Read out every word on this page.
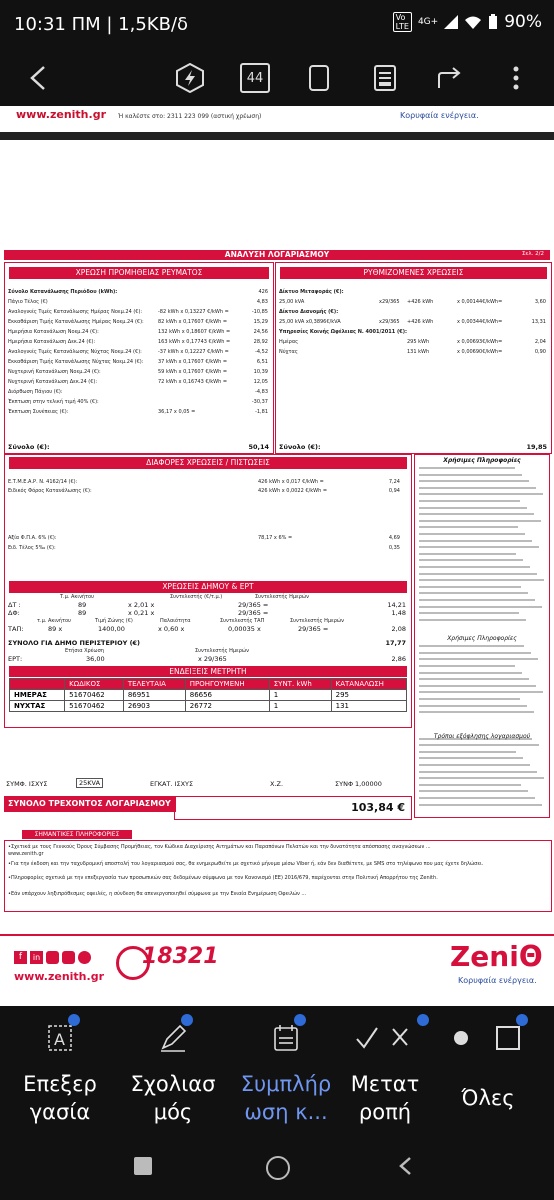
10:31 ΠΜ | 1,5KB/δ	Vo
LTE	4G+	90%
44
www.zenith.gr Ή καλέστε στο: 2311 223 099 (αστική χρέωση)	Κορυφαία ενέργεια.
ΑΝΑΛΥΣΗ ΛΟΓΑΡΙΑΣΜΟΥ	Σελ. 2/2
ΧΡΕΩΣΗ ΠΡΟΜΗΘΕΙΑΣ ΡΕΥΜΑΤΟΣ
Σύνολο Κατανάλωσης Περιόδου (kWh):	426
Πάγιο Τέλος (€)	4,83
Αναλογικές Τιμές Κατανάλωσης Ημέρας Νοεμ.24 (€):	-82 kWh x 0,13227 €/kWh =	-10,85
Εκκαθάριση Τιμής Κατανάλωσης Ημέρας Νοεμ.24 (€):	82 kWh x 0,17607 €/kWh =	15,29
Ημερήσια Κατανάλωση Νοεμ.24 (€):	132 kWh x 0,18607 €/kWh =	24,56
Ημερήσια Κατανάλωση Δεκ.24 (€):	163 kWh x 0,17743 €/kWh =	28,92
Αναλογικές Τιμές Κατανάλωσης Νύχτας Νοεμ.24 (€):	-37 kWh x 0,12227 €/kWh =	-4,52
Εκκαθάριση Τιμής Κατανάλωσης Νύχτας Νοεμ.24 (€):	37 kWh x 0,17607 €/kWh =	6,51
Νυχτερινή Κατανάλωση Νοεμ.24 (€):	59 kWh x 0,17607 €/kWh =	10,39
Νυχτερινή Κατανάλωση Δεκ.24 (€):	72 kWh x 0,16743 €/kWh =	12,05
Διόρθωση Πάγιου (€):	-4,83
Έκπτωση στην τελική τιμή 40% (€):	-30,37
Έκπτωση Συνέπειας (€):	36,17 x 0,05 =	-1,81
Σύνολο (€):	50,14
ΡΥΘΜΙΖΟΜΕΝΕΣ ΧΡΕΩΣΕΙΣ
Δίκτυο Μεταφοράς (€):
25,00 kVA	x29/365 +426 kWh	x 0,00144€/kWh=	3,60
Δίκτυο Διανομής (€):
25,00 kVA x0,3896€/kVA	x29/365 +426 kWh	x 0,00344€/kWh=	13,31
Υπηρεσίες Κοινής Ωφέλειας Ν. 4001/2011 (€):
Ημέρας	295 kWh	x 0,00693€/kWh=	2,04
Νύχτας	131 kWh	x 0,00690€/kWh=	0,90
Σύνολο (€):	19,85
ΔΙΑΦΟΡΕΣ ΧΡΕΩΣΕΙΣ / ΠΙΣΤΩΣΕΙΣ
Ε.Τ.Μ.Ε.Α.Ρ. Ν. 4162/14 (€):	426 kWh x 0,017 €/kWh =	7,24
Ειδικός Φόρος Κατανάλωσης (€):	426 kWh x 0,0022 €/kWh =	0,94
Αξία Φ.Π.Α. 6% (€):	78,17 x 6% =	4,69
Ειδ. Τέλος 5‰ (€):	0,35
ΧΡΕΩΣΕΙΣ ΔΗΜΟΥ & ΕΡΤ
Τ.μ. Ακινήτου	Συντελεστής (€/τ.μ.)	Συντελεστής Ημερών
ΔΤ :	89	x 2,01 x	29/365 =	14,21
ΔΦ:	89	x 0,21 x	29/365 =	1,48
τ.μ. Ακινήτου	Τιμή Ζώνης (€)	Παλαιότητα	Συντελεστής ΤΑΠ	Συντελεστής Ημερών
ΤΑΠ:	89 x	1400,00	x 0,60 x	0,00035 x	29/365 =	2,08
ΣΥΝΟΛΟ ΓΙΑ ΔΗΜΟ ΠΕΡΙΣΤΕΡΙΟΥ (€)	17,77
Ετήσια Χρέωση	Συντελεστής Ημερών
ΕΡΤ:	36,00	x 29/365	2,86
ΕΝΔΕΙΞΕΙΣ ΜΕΤΡΗΤΗ
	ΚΩΔΙΚΟΣ	ΤΕΛΕΥΤΑΙΑ	ΠΡΟΗΓΟΥΜΕΝΗ	ΣΥΝΤ. kWh	ΚΑΤΑΝΑΛΩΣΗ
ΗΜΕΡΑΣ	51670462	86951	86656	1	295
ΝΥΧΤΑΣ	51670462	26903	26772	1	131
ΣΥΜΦ. ΙΣΧΥΣ	25KVA	ΕΓΚΑΤ. ΙΣΧΥΣ	Χ.Ζ.	ΣΥΝΦ 1,00000
ΣΥΝΟΛΟ ΤΡΕΧΟΝΤΟΣ ΛΟΓΑΡΙΑΣΜΟΥ	103,84 €
Χρήσιμες Πληροφορίες
Τρόποι εξόφλησης λογαριασμού
Χρήσιμες Πληροφορίες
ΣΗΜΑΝΤΙΚΕΣ ΠΛΗΡΟΦΟΡΙΕΣ
•Σχετικά με τους Γενικούς Όρους Σύμβασης Προμήθειας, τον Κώδικα Διαχείρισης Αιτημάτων και Παραπόνων Πελατών και την δυνατότητα απόσπασης αναγνώσεων ...
www.zenith.gr
•Για την έκδοση και την ταχυδρομική αποστολή του λογαριασμού σας, θα ενημερωθείτε με σχετικό μήνυμα μέσω Viber ή, εάν δεν διαθέτετε, με SMS στο τηλέφωνο που μας έχετε δηλώσει.
•Πληροφορίες σχετικά με την επεξεργασία των προσωπικών σας δεδομένων σύμφωνα με τον Κανονισμό (ΕΕ) 2016/679, παρέχονται στην Πολιτική Απορρήτου της Zenith.
•Εάν υπάρχουν ληξιπρόθεσμες οφειλές, η σύνδεση θα απενεργοποιηθεί σύμφωνα με την Ενιαία Ενημέρωση Οφειλών ...
f	in
www.zenith.gr
18321	ZeniΘ
Κορυφαία ενέργεια.
A
Επεξερ
γασία
Σχολιασ
μός
Συμπλήρ
ωση κ...
Μετατ
ροπή
Όλες
